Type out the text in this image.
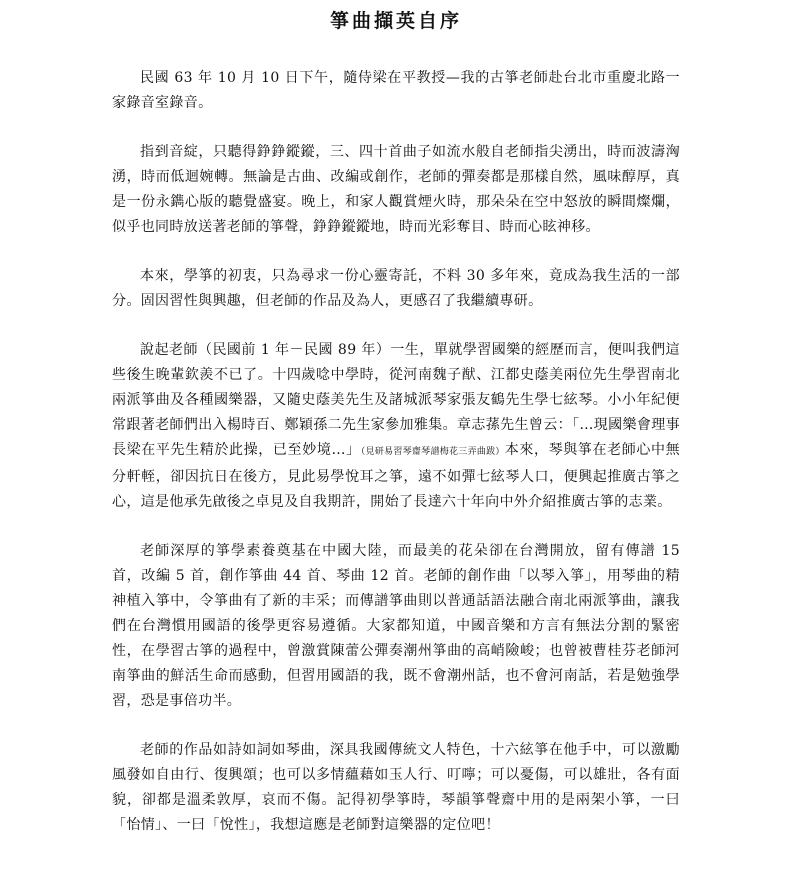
箏曲擷英自序

民國 63 年 10 月 10 日下午，隨侍梁在平教授—我的古箏老師赴台北市重慶北路一家錄音室錄音。

指到音綻，只聽得錚錚鏦鏦，三、四十首曲子如流水般自老師指尖湧出，時而波濤洶湧，時而低迴婉轉。無論是古曲、改編或創作，老師的彈奏都是那樣自然，風味醇厚，真是一份永鐫心版的聽覺盛宴。晚上，和家人觀賞煙火時，那朵朵在空中怒放的瞬間燦爛，似乎也同時放送著老師的箏聲，錚錚鏦鏦地，時而光彩奪目、時而心眩神移。

本來，學箏的初衷，只為尋求一份心靈寄託，不料 30 多年來，竟成為我生活的一部分。固因習性與興趣，但老師的作品及為人，更感召了我繼續專研。

說起老師（民國前 1 年－民國 89 年）一生，單就學習國樂的經歷而言，便叫我們這些後生晚輩欽羨不已了。十四歲唸中學時，從河南魏子猷、江都史蔭美兩位先生學習南北兩派箏曲及各種國樂器，又隨史蔭美先生及諸城派琴家張友鶴先生學七絃琴。小小年紀便常跟著老師們出入楊時百、鄭穎孫二先生家參加雅集。章志蓀先生曾云：「…現國樂會理事長梁在平先生精於此操，已至妙境…」（見研易習琴齋琴譜梅花三弄曲跋）本來，琴與箏在老師心中無分軒輊，卻因抗日在後方，見此易學悅耳之箏，遠不如彈七絃琴人口，便興起推廣古箏之心，這是他承先啟後之卓見及自我期許，開始了長達六十年向中外介紹推廣古箏的志業。

老師深厚的箏學素養奠基在中國大陸，而最美的花朵卻在台灣開放，留有傳譜 15 首，改編 5 首，創作箏曲 44 首、琴曲 12 首。老師的創作曲「以琴入箏」，用琴曲的精神植入箏中，令箏曲有了新的丰采；而傳譜箏曲則以普通話語法融合南北兩派箏曲，讓我們在台灣慣用國語的後學更容易遵循。大家都知道，中國音樂和方言有無法分割的緊密性，在學習古箏的過程中，曾激賞陳蕾公彈奏潮州箏曲的高峭險峻；也曾被曹桂芬老師河南箏曲的鮮活生命而感動，但習用國語的我，既不會潮州話，也不會河南話，若是勉強學習，恐是事倍功半。

老師的作品如詩如詞如琴曲，深具我國傳統文人特色，十六絃箏在他手中，可以激勵風發如自由行、復興頌；也可以多情蘊藉如玉人行、叮嚀；可以憂傷，可以雄壯，各有面貌，卻都是溫柔敦厚，哀而不傷。記得初學箏時，琴韻箏聲齋中用的是兩架小箏，一曰「怡情」、一曰「悅性」，我想這應是老師對這樂器的定位吧！
